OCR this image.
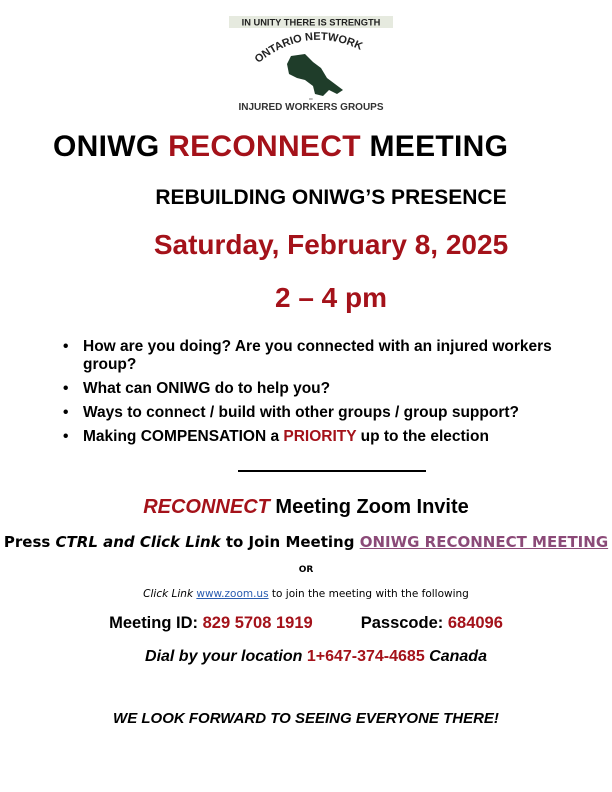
IN UNITY THERE IS STRENGTH
ONTARIO NETWORK
OF
INJURED WORKERS GROUPS
ONIWG RECONNECT MEETING
REBUILDING ONIWG’S PRESENCE
Saturday, February 8, 2025
2 – 4 pm
• How are you doing? Are you connected with an injured workers group?
• What can ONIWG do to help you?
• Ways to connect / build with other groups / group support?
• Making COMPENSATION a PRIORITY up to the election
RECONNECT Meeting Zoom Invite
Press CTRL and Click Link to Join Meeting ONIWG RECONNECT MEETING
OR
Click Link www.zoom.us to join the meeting with the following
Meeting ID: 829 5708 1919	Passcode: 684096
Dial by your location 1+647-374-4685 Canada
WE LOOK FORWARD TO SEEING EVERYONE THERE!
